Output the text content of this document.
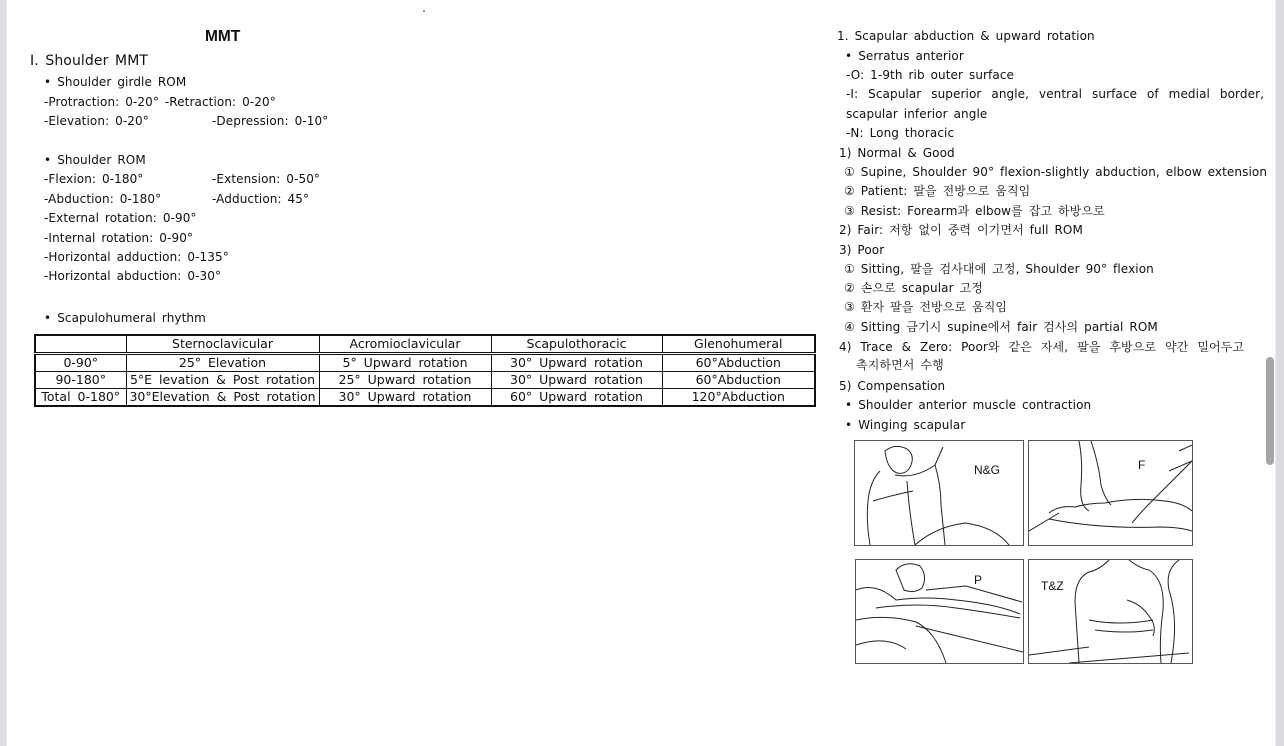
MMT
I. Shoulder MMT
• Shoulder girdle ROM
-Protraction: 0-20° -Retraction: 0-20°
-Elevation: 0-20°	-Depression: 0-10°
• Shoulder ROM
-Flexion: 0-180°	-Extension: 0-50°
-Abduction: 0-180°	-Adduction: 45°
-External rotation: 0-90°
-Internal rotation: 0-90°
-Horizontal adduction: 0-135°
-Horizontal abduction: 0-30°
• Scapulohumeral rhythm
	Sternoclavicular	Acromioclavicular	Scapulothoracic	Glenohumeral
0-90°	25° Elevation	5° Upward rotation	30° Upward rotation	60°Abduction
90-180°	5°E levation & Post rotation	25° Upward rotation	30° Upward rotation	60°Abduction
Total 0-180°	30°Elevation & Post rotation	30° Upward rotation	60° Upward rotation	120°Abduction
1. Scapular abduction & upward rotation
• Serratus anterior
-O: 1-9th rib outer surface
-I: Scapular superior angle, ventral surface of medial border,
scapular inferior angle
-N: Long thoracic
1) Normal & Good
① Supine, Shoulder 90° flexion-slightly abduction, elbow extension
② Patient: 팔을 전방으로 움직임
③ Resist: Forearm과 elbow를 잡고 하방으로
2) Fair: 저항 없이 중력 이기면서 full ROM
3) Poor
① Sitting, 팔을 검사대에 고정, Shoulder 90° flexion
② 손으로 scapular 고정
③ 환자 팔을 전방으로 움직임
④ Sitting 금기시 supine에서 fair 검사의 partial ROM
4) Trace & Zero: Poor와 같은 자세, 팔을 후방으로 약간 밀어두고
촉지하면서 수행
5) Compensation
• Shoulder anterior muscle contraction
• Winging scapular
N&G	F
P	T&Z
